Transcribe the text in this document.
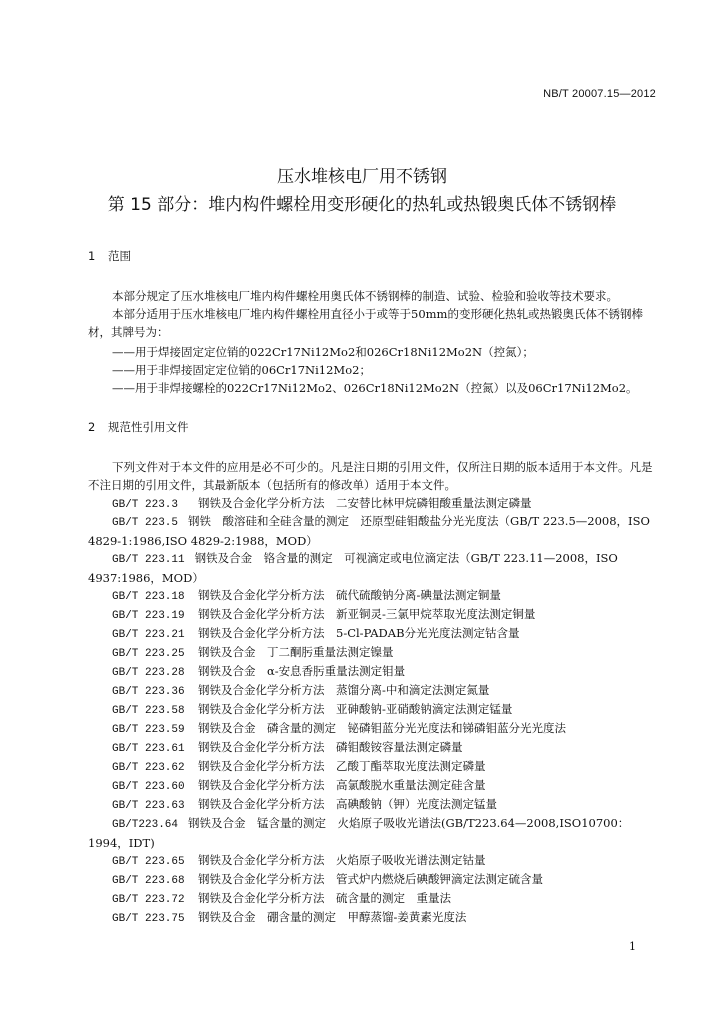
NB/T 20007.15—2012
压水堆核电厂用不锈钢
第 15 部分：堆内构件螺栓用变形硬化的热轧或热锻奥氏体不锈钢棒
1 范围

本部分规定了压水堆核电厂堆内构件螺栓用奥氏体不锈钢棒的制造、试验、检验和验收等技术要求。

本部分适用于压水堆核电厂堆内构件螺栓用直径小于或等于50mm的变形硬化热轧或热锻奥氏体不锈钢棒材，其牌号为：

——用于焊接固定定位销的022Cr17Ni12Mo2和026Cr18Ni12Mo2N（控氮）；
——用于非焊接固定定位销的06Cr17Ni12Mo2；
——用于非焊接螺栓的022Cr17Ni12Mo2、026Cr18Ni12Mo2N（控氮）以及06Cr17Ni12Mo2。
2 规范性引用文件

下列文件对于本文件的应用是必不可少的。凡是注日期的引用文件，仅所注日期的版本适用于本文件。凡是不注日期的引用文件，其最新版本（包括所有的修改单）适用于本文件。

GB/T 223.3 钢铁及合金化学分析方法　二安替比林甲烷磷钼酸重量法测定磷量
GB/T 223.5 钢铁　酸溶硅和全硅含量的测定　还原型硅钼酸盐分光光度法（GB/T 223.5—2008，ISO 4829-1:1986,ISO 4829-2:1988，MOD）
GB/T 223.11 钢铁及合金　铬含量的测定　可视滴定或电位滴定法（GB/T 223.11—2008，ISO 4937:1986，MOD）
GB/T 223.18 钢铁及合金化学分析方法　硫代硫酸钠分离-碘量法测定铜量
GB/T 223.19 钢铁及合金化学分析方法　新亚铜灵-三氯甲烷萃取光度法测定铜量
GB/T 223.21 钢铁及合金化学分析方法　5-Cl-PADAB分光光度法测定钴含量
GB/T 223.25 钢铁及合金　丁二酮肟重量法测定镍量
GB/T 223.28 钢铁及合金　α-安息香肟重量法测定钼量
GB/T 223.36 钢铁及合金化学分析方法　蒸馏分离-中和滴定法测定氮量
GB/T 223.58 钢铁及合金化学分析方法　亚砷酸钠-亚硝酸钠滴定法测定锰量
GB/T 223.59 钢铁及合金　磷含量的测定　铋磷钼蓝分光光度法和锑磷钼蓝分光光度法
GB/T 223.61 钢铁及合金化学分析方法　磷钼酸铵容量法测定磷量
GB/T 223.62 钢铁及合金化学分析方法　乙酸丁酯萃取光度法测定磷量
GB/T 223.60 钢铁及合金化学分析方法　高氯酸脱水重量法测定硅含量
GB/T 223.63 钢铁及合金化学分析方法　高碘酸钠（钾）光度法测定锰量
GB/T223.64 钢铁及合金　锰含量的测定　火焰原子吸收光谱法(GB/T223.64—2008,ISO10700：1994，IDT)
GB/T 223.65 钢铁及合金化学分析方法　火焰原子吸收光谱法测定钴量
GB/T 223.68 钢铁及合金化学分析方法　管式炉内燃烧后碘酸钾滴定法测定硫含量
GB/T 223.72 钢铁及合金化学分析方法　硫含量的测定　重量法
GB/T 223.75 钢铁及合金　硼含量的测定　甲醇蒸馏-姜黄素光度法
1
